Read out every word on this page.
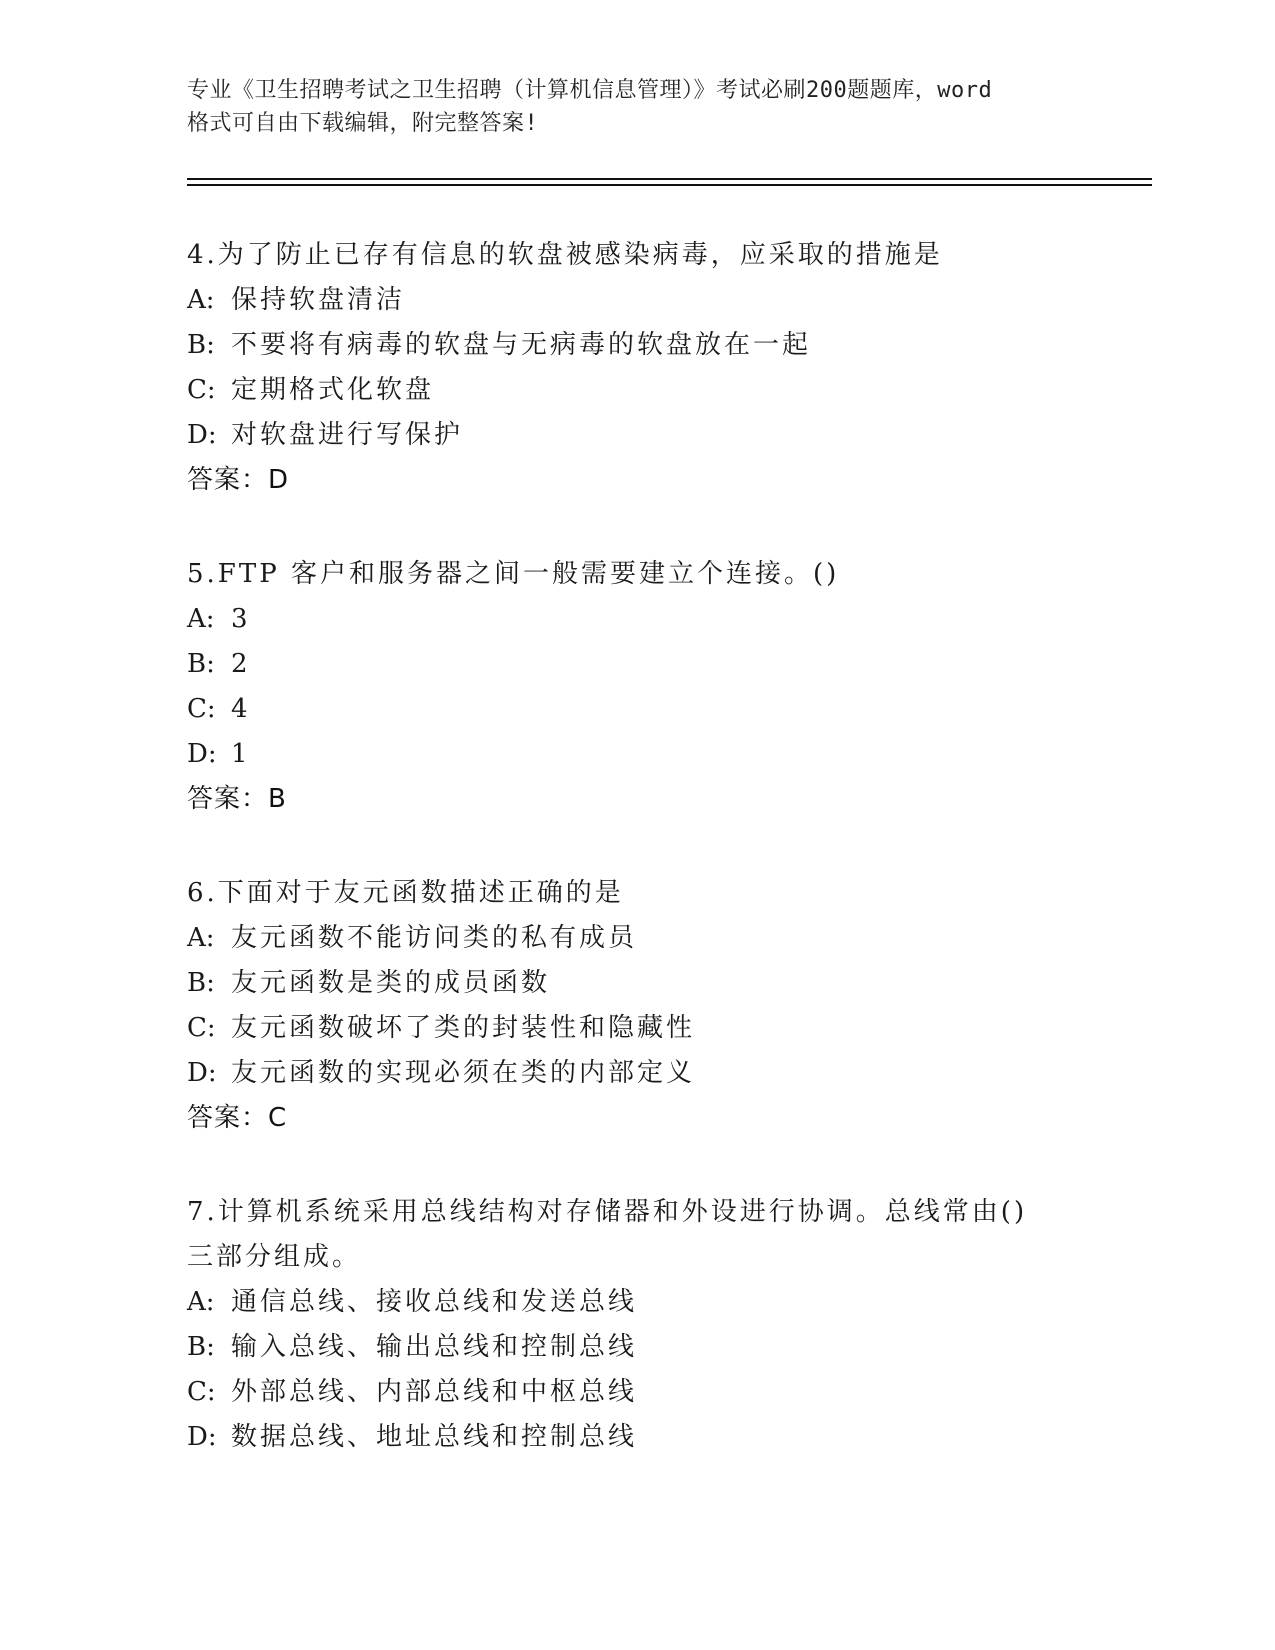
专业《卫生招聘考试之卫生招聘（计算机信息管理）》考试必刷200题题库，word
格式可自由下载编辑，附完整答案!
4.为了防止已存有信息的软盘被感染病毒，应采取的措施是
A: 保持软盘清洁
B: 不要将有病毒的软盘与无病毒的软盘放在一起
C: 定期格式化软盘
D: 对软盘进行写保护
答案：D
5.FTP 客户和服务器之间一般需要建立个连接。()
A: 3
B: 2
C: 4
D: 1
答案：B
6.下面对于友元函数描述正确的是
A: 友元函数不能访问类的私有成员
B: 友元函数是类的成员函数
C: 友元函数破坏了类的封装性和隐藏性
D: 友元函数的实现必须在类的内部定义
答案：C
7.计算机系统采用总线结构对存储器和外设进行协调。总线常由()三部分组成。
A: 通信总线、接收总线和发送总线
B: 输入总线、输出总线和控制总线
C: 外部总线、内部总线和中枢总线
D: 数据总线、地址总线和控制总线
